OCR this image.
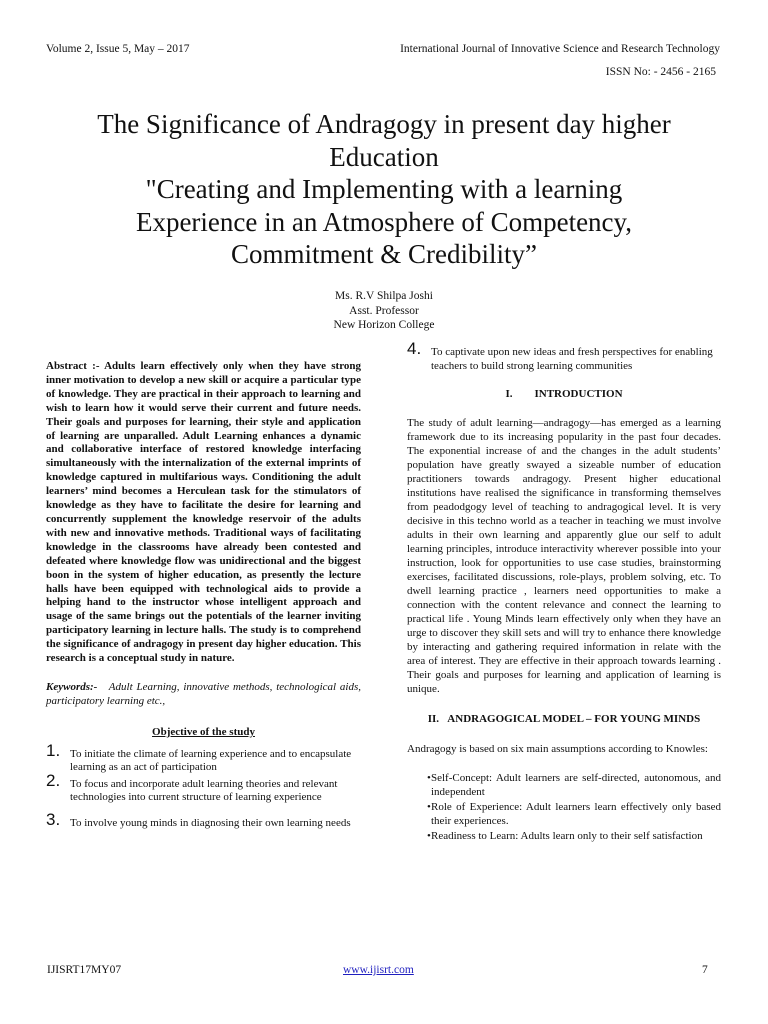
Volume 2, Issue 5, May – 2017	International Journal of Innovative Science and Research Technology
ISSN No: - 2456 - 2165
The Significance of Andragogy in present day higher
Education
"Creating and Implementing with a learning
Experience in an Atmosphere of Competency,
Commitment & Credibility”
Ms. R.V Shilpa Joshi
Asst. Professor
New Horizon College

Abstract :- Adults learn effectively only when they have strong inner motivation to develop a new skill or acquire a particular type of knowledge. They are practical in their approach to learning and wish to learn how it would serve their current and future needs. Their goals and purposes for learning, their style and application of learning are unparalled. Adult Learning enhances a dynamic and collaborative interface of restored knowledge interfacing simultaneously with the internalization of the external imprints of knowledge captured in multifarious ways. Conditioning the adult learners’ mind becomes a Herculean task for the stimulators of knowledge as they have to facilitate the desire for learning and concurrently supplement the knowledge reservoir of the adults with new and innovative methods. Traditional ways of facilitating knowledge in the classrooms have already been contested and defeated where knowledge flow was unidirectional and the biggest boon in the system of higher education, as presently the lecture halls have been equipped with technological aids to provide a helping hand to the instructor whose intelligent approach and usage of the same brings out the potentials of the learner inviting participatory learning in lecture halls. The study is to comprehend the significance of andragogy in present day higher education. This research is a conceptual study in nature.

Keywords:- Adult Learning, innovative methods, technological aids, participatory learning etc.,

Objective of the study
1. To initiate the climate of learning experience and to encapsulate learning as an act of participation
2. To focus and incorporate adult learning theories and relevant technologies into current structure of learning experience
3. To involve young minds in diagnosing their own learning needs
4. To captivate upon new ideas and fresh perspectives for enabling teachers to build strong learning communities
I.        INTRODUCTION

The study of adult learning—andragogy—has emerged as a learning framework due to its increasing popularity in the past four decades. The exponential increase of and the changes in the adult students’ population have greatly swayed a sizeable number of education practitioners towards andragogy. Present higher educational institutions have realised the significance in transforming themselves from peadodgogy level of teaching to andragogical level. It is very decisive in this techno world as a teacher in teaching we must involve adults in their own learning and apparently glue our self to adult learning principles, introduce interactivity wherever possible into your instruction, look for opportunities to use case studies, brainstorming exercises, facilitated discussions, role-plays, problem solving, etc. To dwell learning practice , learners need opportunities to make a connection with the content relevance and connect the learning to practical life . Young Minds learn effectively only when they have an urge to discover they skill sets and will try to enhance there knowledge by interacting and gathering required information in relate with the area of interest. They are effective in their approach towards learning . Their goals and purposes for learning and application of learning is unique.

II.   ANDRAGOGICAL MODEL – FOR YOUNG MINDS

Andragogy is based on six main assumptions according to Knowles:

• Self-Concept: Adult learners are self-directed, autonomous, and independent
• Role of Experience: Adult learners learn effectively only based their experiences.
• Readiness to Learn: Adults learn only to their self satisfaction
IJISRT17MY07	www.ijisrt.com	7
